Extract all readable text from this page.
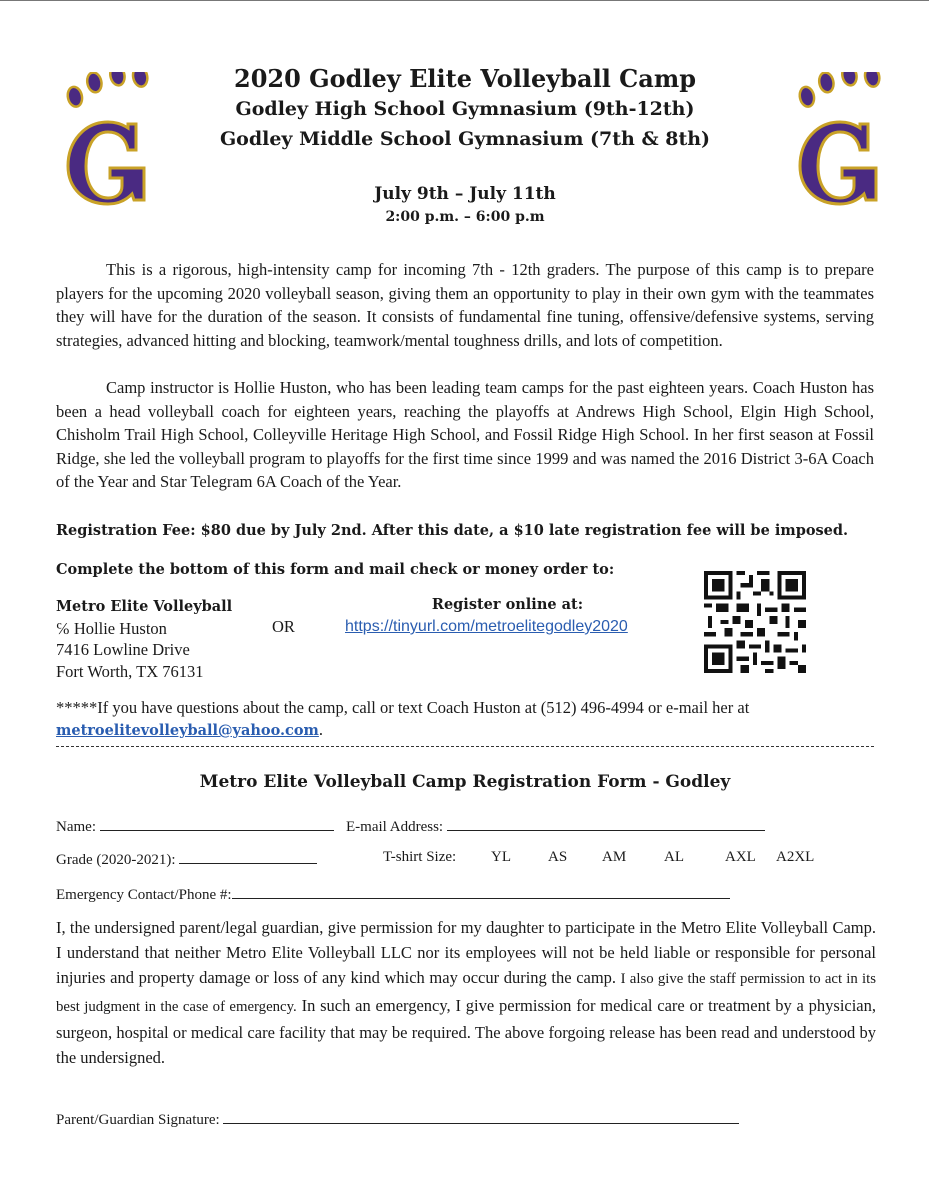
2020 Godley Elite Volleyball Camp
Godley High School Gymnasium (9th-12th)
Godley Middle School Gymnasium (7th & 8th)
July 9th – July 11th
2:00 p.m. – 6:00 p.m

This is a rigorous, high-intensity camp for incoming 7th - 12th graders. The purpose of this camp is to prepare players for the upcoming 2020 volleyball season, giving them an opportunity to play in their own gym with the teammates they will have for the duration of the season. It consists of fundamental fine tuning, offensive/defensive systems, serving strategies, advanced hitting and blocking, teamwork/mental toughness drills, and lots of competition.

Camp instructor is Hollie Huston, who has been leading team camps for the past eighteen years. Coach Huston has been a head volleyball coach for eighteen years, reaching the playoffs at Andrews High School, Elgin High School, Chisholm Trail High School, Colleyville Heritage High School, and Fossil Ridge High School. In her first season at Fossil Ridge, she led the volleyball program to playoffs for the first time since 1999 and was named the 2016 District 3-6A Coach of the Year and Star Telegram 6A Coach of the Year.

Registration Fee: $80 due by July 2nd. After this date, a $10 late registration fee will be imposed.
Complete the bottom of this form and mail check or money order to:
Metro Elite Volleyball
℅ Hollie Huston
7416 Lowline Drive
Fort Worth, TX 76131
OR
Register online at:
https://tinyurl.com/metroelitegodley2020
*****If you have questions about the camp, call or text Coach Huston at (512) 496-4994 or e-mail her at metroelitevolleyball@yahoo.com.
Metro Elite Volleyball Camp Registration Form - Godley
Name:	E-mail Address:
Grade (2020-2021):	T-shirt Size: YL AS AM	AL	AXL A2XL
Emergency Contact/Phone #:

I, the undersigned parent/legal guardian, give permission for my daughter to participate in the Metro Elite Volleyball Camp. I understand that neither Metro Elite Volleyball LLC nor its employees will not be held liable or responsible for personal injuries and property damage or loss of any kind which may occur during the camp. I also give the staff permission to act in its best judgment in the case of emergency. In such an emergency, I give permission for medical care or treatment by a physician, surgeon, hospital or medical care facility that may be required. The above forgoing release has been read and understood by the undersigned.

Parent/Guardian Signature:
